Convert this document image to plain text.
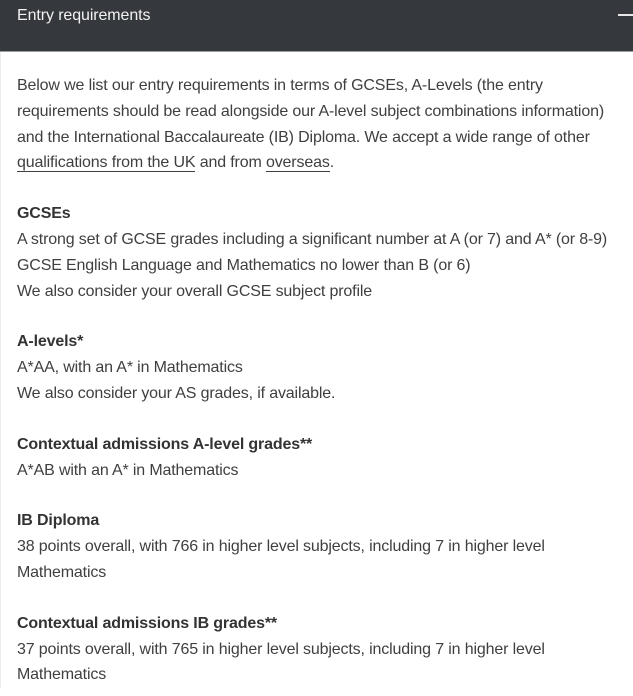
Entry requirements

Below we list our entry requirements in terms of GCSEs, A-Levels (the entry requirements should be read alongside our A-level subject combinations information) and the International Baccalaureate (IB) Diploma. We accept a wide range of other qualifications from the UK and from overseas.

GCSEs

A strong set of GCSE grades including a significant number at A (or 7) and A* (or 8-9)

GCSE English Language and Mathematics no lower than B (or 6)

We also consider your overall GCSE subject profile

A-levels*

A*AA, with an A* in Mathematics

We also consider your AS grades, if available.

Contextual admissions A-level grades**

A*AB with an A* in Mathematics

IB Diploma

38 points overall, with 766 in higher level subjects, including 7 in higher level Mathematics

Contextual admissions IB grades**

37 points overall, with 765 in higher level subjects, including 7 in higher level Mathematics
